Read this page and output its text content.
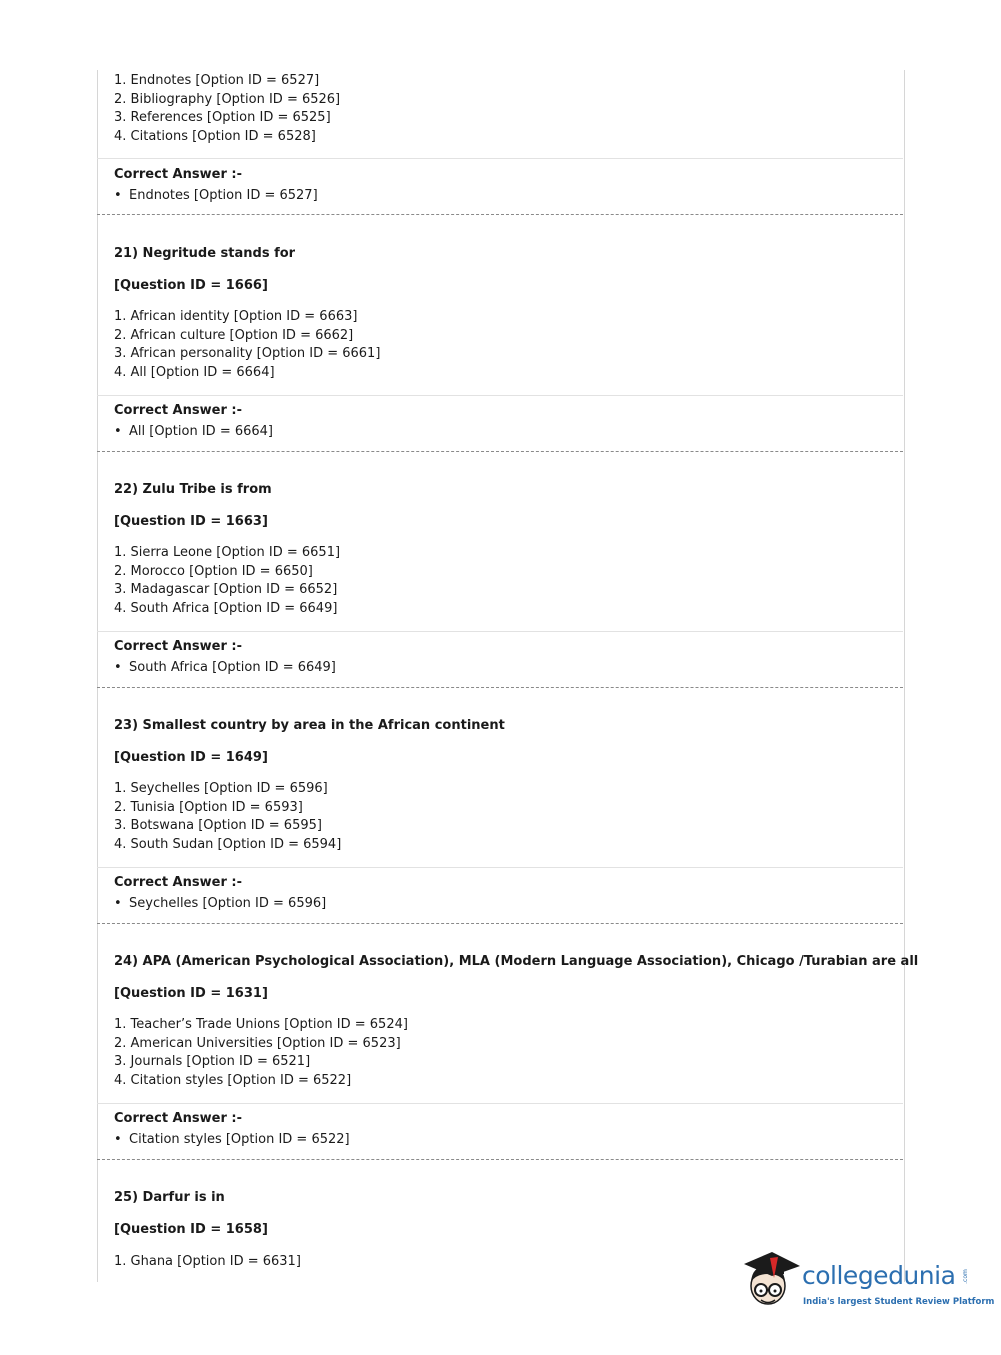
1. Endnotes [Option ID = 6527]
2. Bibliography [Option ID = 6526]
3. References [Option ID = 6525]
4. Citations [Option ID = 6528]
Correct Answer :-
• Endnotes [Option ID = 6527]
21) Negritude stands for
[Question ID = 1666]
1. African identity [Option ID = 6663]
2. African culture [Option ID = 6662]
3. African personality [Option ID = 6661]
4. All [Option ID = 6664]
Correct Answer :-
• All [Option ID = 6664]
22) Zulu Tribe is from
[Question ID = 1663]
1. Sierra Leone [Option ID = 6651]
2. Morocco [Option ID = 6650]
3. Madagascar [Option ID = 6652]
4. South Africa [Option ID = 6649]
Correct Answer :-
• South Africa [Option ID = 6649]
23) Smallest country by area in the African continent
[Question ID = 1649]
1. Seychelles [Option ID = 6596]
2. Tunisia [Option ID = 6593]
3. Botswana [Option ID = 6595]
4. South Sudan [Option ID = 6594]
Correct Answer :-
• Seychelles [Option ID = 6596]
24) APA (American Psychological Association), MLA (Modern Language Association), Chicago /Turabian are all
[Question ID = 1631]
1. Teacher’s Trade Unions [Option ID = 6524]
2. American Universities [Option ID = 6523]
3. Journals [Option ID = 6521]
4. Citation styles [Option ID = 6522]
Correct Answer :-
• Citation styles [Option ID = 6522]
25) Darfur is in
[Question ID = 1658]
1. Ghana [Option ID = 6631]	collegedunia .com
India's largest Student Review Platform
